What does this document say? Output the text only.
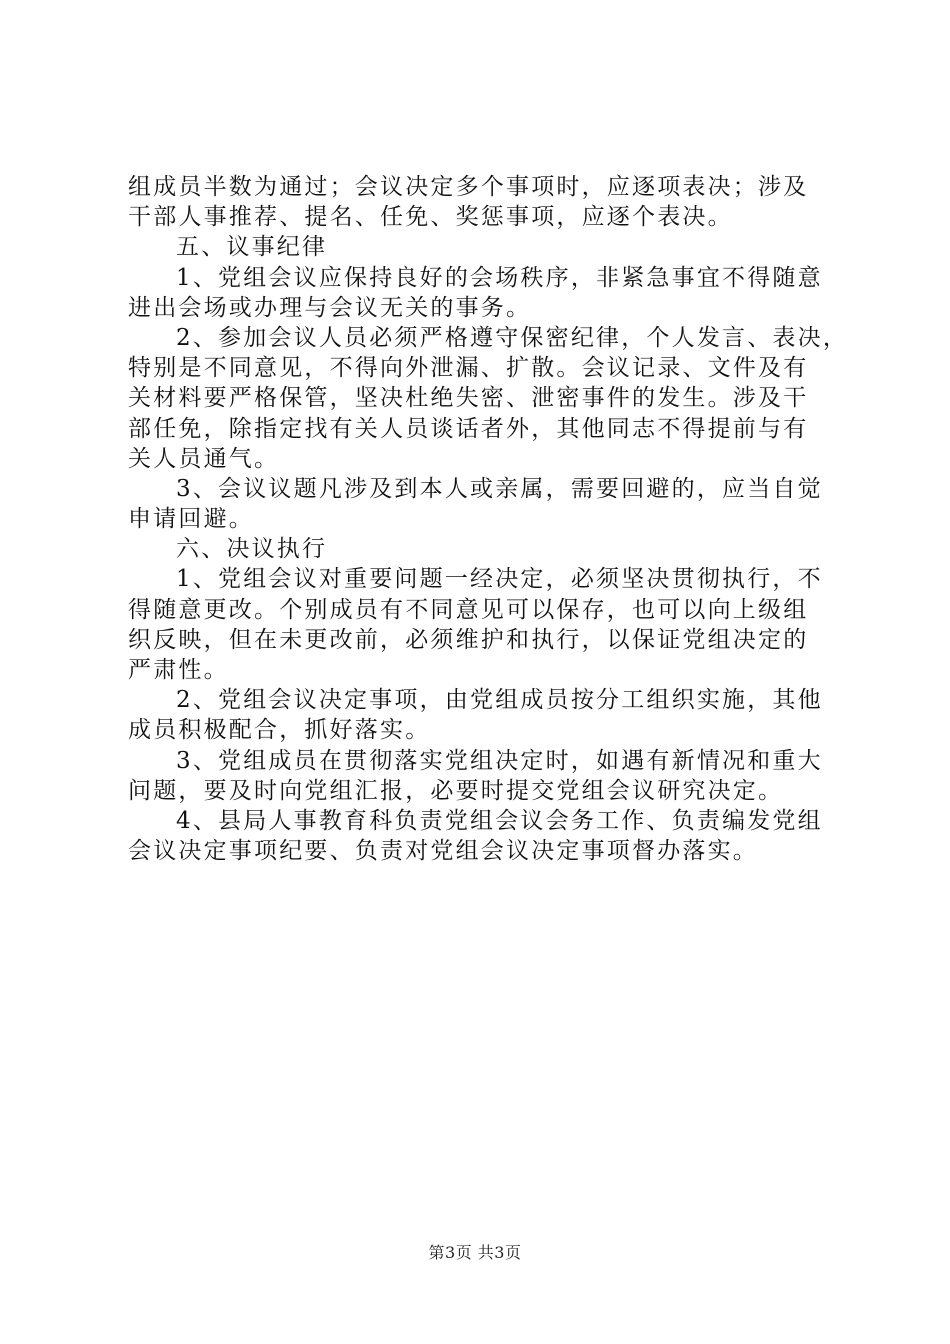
组成员半数为通过；会议决定多个事项时，应逐项表决；涉及
干部人事推荐、提名、任免、奖惩事项，应逐个表决。
五、议事纪律
1、党组会议应保持良好的会场秩序，非紧急事宜不得随意
进出会场或办理与会议无关的事务。
2、参加会议人员必须严格遵守保密纪律，个人发言、表决，
特别是不同意见，不得向外泄漏、扩散。会议记录、文件及有
关材料要严格保管，坚决杜绝失密、泄密事件的发生。涉及干
部任免，除指定找有关人员谈话者外，其他同志不得提前与有
关人员通气。
3、会议议题凡涉及到本人或亲属，需要回避的，应当自觉
申请回避。
六、决议执行
1、党组会议对重要问题一经决定，必须坚决贯彻执行，不
得随意更改。个别成员有不同意见可以保存，也可以向上级组
织反映，但在未更改前，必须维护和执行，以保证党组决定的
严肃性。
2、党组会议决定事项，由党组成员按分工组织实施，其他
成员积极配合，抓好落实。
3、党组成员在贯彻落实党组决定时，如遇有新情况和重大
问题，要及时向党组汇报，必要时提交党组会议研究决定。
4、县局人事教育科负责党组会议会务工作、负责编发党组
会议决定事项纪要、负责对党组会议决定事项督办落实。
第3页 共3页
